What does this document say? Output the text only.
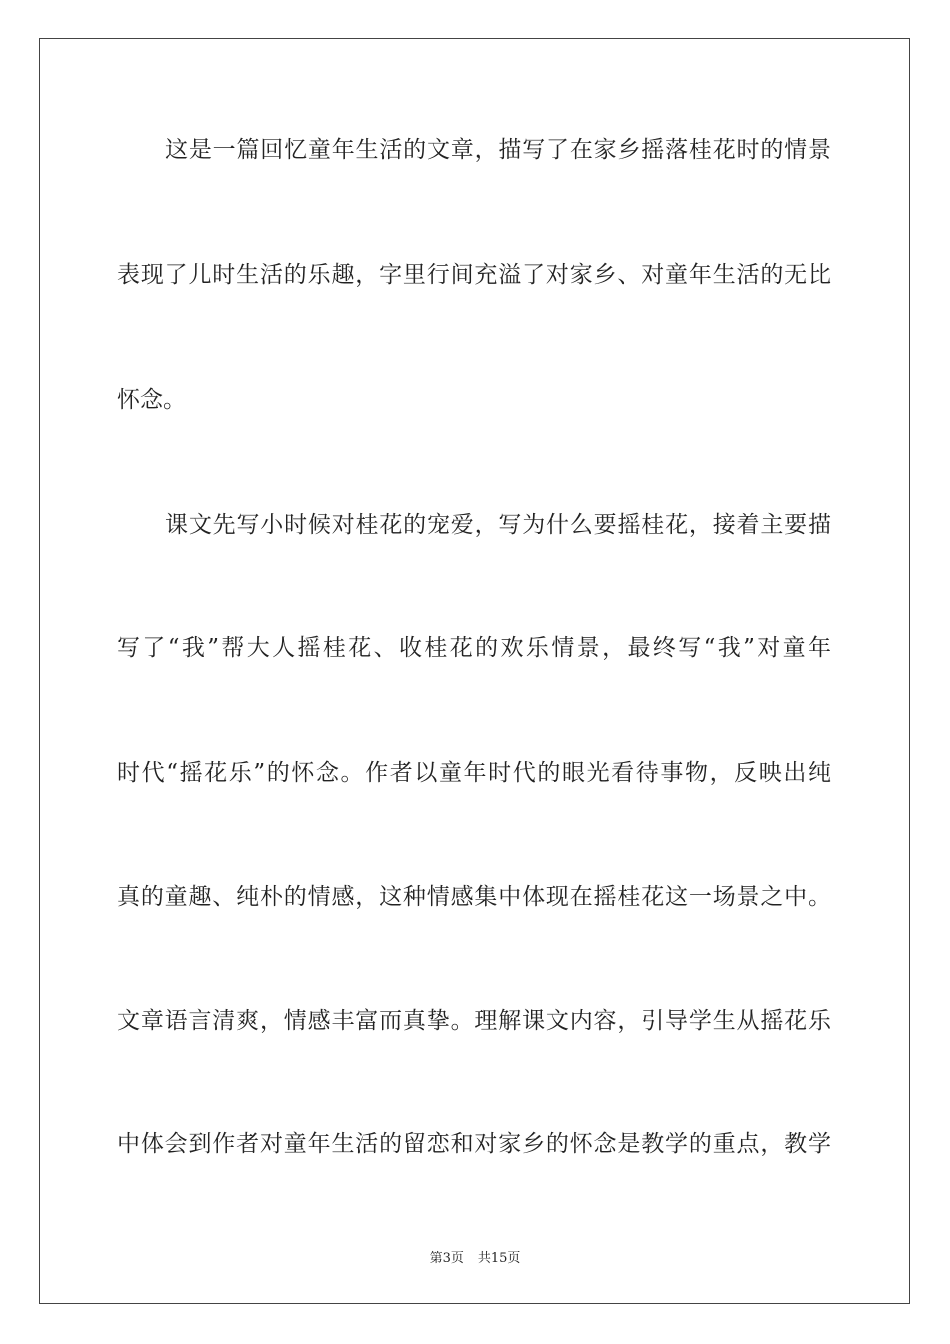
这是一篇回忆童年生活的文章，描写了在家乡摇落桂花时的情景
表现了儿时生活的乐趣，字里行间充溢了对家乡、对童年生活的无比
怀念。
课文先写小时候对桂花的宠爱，写为什么要摇桂花，接着主要描
写了“我”帮大人摇桂花、收桂花的欢乐情景，最终写“我”对童年
时代“摇花乐”的怀念。作者以童年时代的眼光看待事物，反映出纯
真的童趣、纯朴的情感，这种情感集中体现在摇桂花这一场景之中。
文章语言清爽，情感丰富而真挚。理解课文内容，引导学生从摇花乐
中体会到作者对童年生活的留恋和对家乡的怀念是教学的重点，教学
第3页 共15页
